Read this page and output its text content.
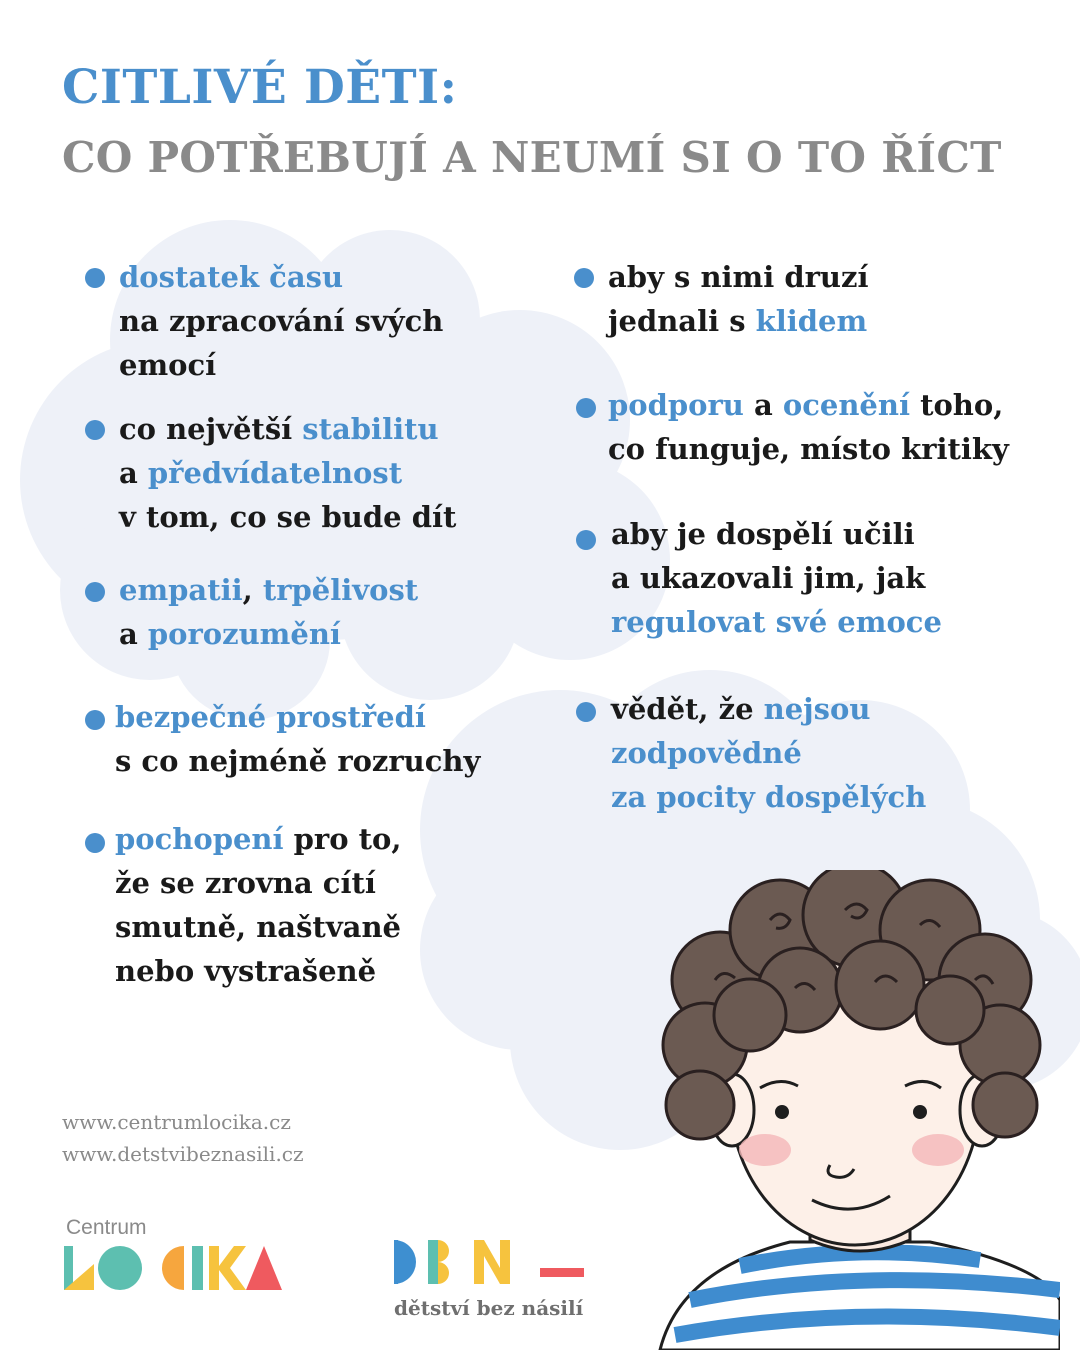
CITLIVÉ DĚTI:
CO POTŘEBUJÍ A NEUMÍ SI O TO ŘÍCT
dostatek času
na zpracování svých
emocí
co největší stabilitu
a předvídatelnost
v tom, co se bude dít
empatii, trpělivost
a porozumění
bezpečné prostředí
s co nejméně rozruchy
pochopení pro to,
že se zrovna cítí
smutně, naštvaně
nebo vystrašeně
aby s nimi druzí
jednali s klidem
podporu a ocenění toho,
co funguje, místo kritiky
aby je dospělí učili
a ukazovali jim, jak
regulovat své emoce
vědět, že nejsou
zodpovědné
za pocity dospělých
www.centrumlocika.cz
www.detstvibeznasili.cz
Centrum
dětství bez násilí
